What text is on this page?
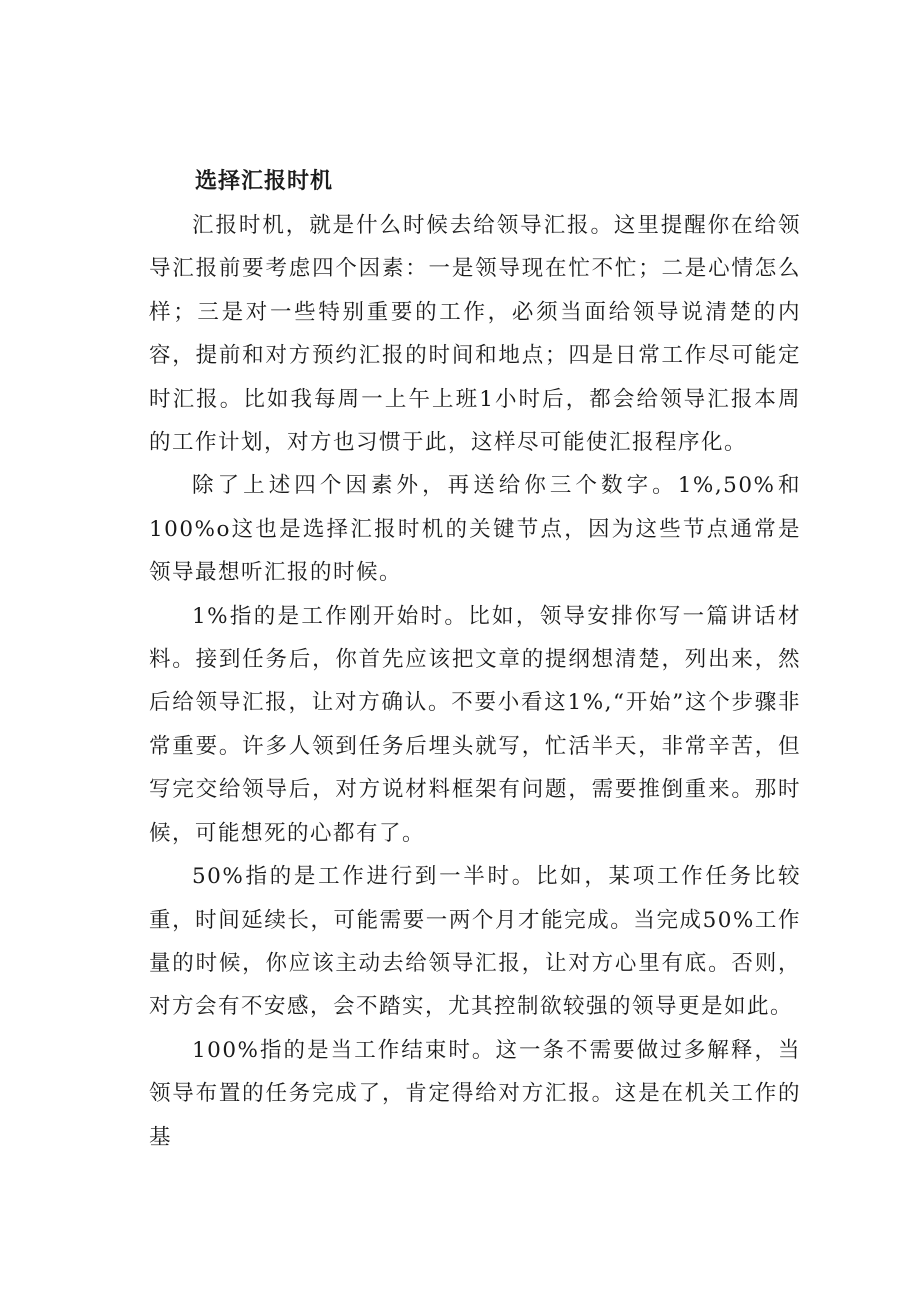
选择汇报时机

汇报时机，就是什么时候去给领导汇报。这里提醒你在给领导汇报前要考虑四个因素：一是领导现在忙不忙；二是心情怎么样；三是对一些特别重要的工作，必须当面给领导说清楚的内容，提前和对方预约汇报的时间和地点；四是日常工作尽可能定时汇报。比如我每周一上午上班1小时后，都会给领导汇报本周的工作计划，对方也习惯于此，这样尽可能使汇报程序化。

除了上述四个因素外，再送给你三个数字。1%,50%和100%o这也是选择汇报时机的关键节点，因为这些节点通常是领导最想听汇报的时候。

1%指的是工作刚开始时。比如，领导安排你写一篇讲话材料。接到任务后，你首先应该把文章的提纲想清楚，列出来，然后给领导汇报，让对方确认。不要小看这1%,“开始”这个步骤非常重要。许多人领到任务后埋头就写，忙活半天，非常辛苦，但写完交给领导后，对方说材料框架有问题，需要推倒重来。那时候，可能想死的心都有了。

50%指的是工作进行到一半时。比如，某项工作任务比较重，时间延续长，可能需要一两个月才能完成。当完成50%工作量的时候，你应该主动去给领导汇报，让对方心里有底。否则，对方会有不安感，会不踏实，尤其控制欲较强的领导更是如此。

100%指的是当工作结束时。这一条不需要做过多解释，当领导布置的任务完成了，肯定得给对方汇报。这是在机关工作的基
